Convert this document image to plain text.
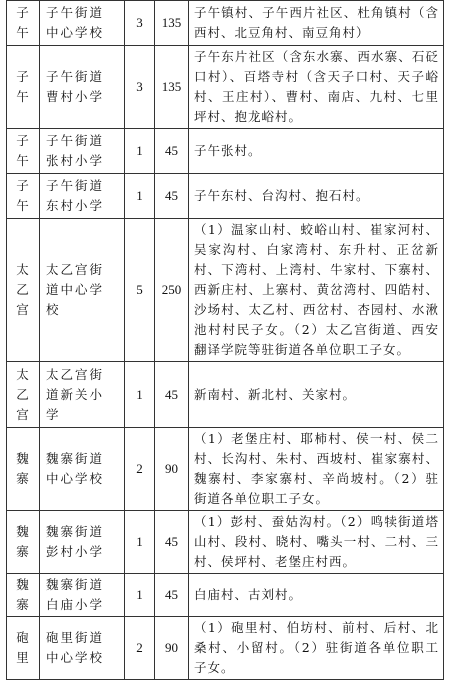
子
午	子午街道
中心学校	3	135	子午镇村、子午西片社区、杜角镇村（含西村、北豆角村、南豆角村）

子
午	子午街道
曹村小学	3	135	子午东片社区（含东水寨、西水寨、石砭口村）、百塔寺村（含天子口村、天子峪村、王庄村）、曹村、南店、九村、七里坪村、抱龙峪村。

子
午	子午街道
张村小学	1	45	子午张村。

子
午	子午街道
东村小学	1	45	子午东村、台沟村、抱石村。

太
乙
宫	太乙宫街
道中心学
校	5	250	（1）温家山村、蛟峪山村、崔家河村、吴家沟村、白家湾村、东升村、正岔新村、下湾村、上湾村、牛家村、下寨村、西新庄村、上寨村、黄岔湾村、四皓村、沙场村、太乙村、西岔村、杏园村、水湫池村村民子女。（2）太乙宫街道、西安翻译学院等驻街道各单位职工子女。

太
乙
宫	太乙宫街
道新关小
学	1	45	新南村、新北村、关家村。

魏
寨	魏寨街道
中心学校	2	90	（1）老堡庄村、耶柿村、侯一村、侯二村、长沟村、朱村、西坡村、崔家寨村、魏寨村、李家寨村、辛尚坡村。（2）驻街道各单位职工子女。

魏
寨	魏寨街道
彭村小学	1	45	（1）彭村、蚕姑沟村。（2）鸣犊街道塔山村、段村、晓村、嘴头一村、二村、三村、侯坪村、老堡庄村西。

魏
寨	魏寨街道
白庙小学	1	45	白庙村、古刘村。

砲
里	砲里街道
中心学校	2	90	（1）砲里村、伯坊村、前村、后村、北桑村、小留村。（2）驻街道各单位职工子女。
